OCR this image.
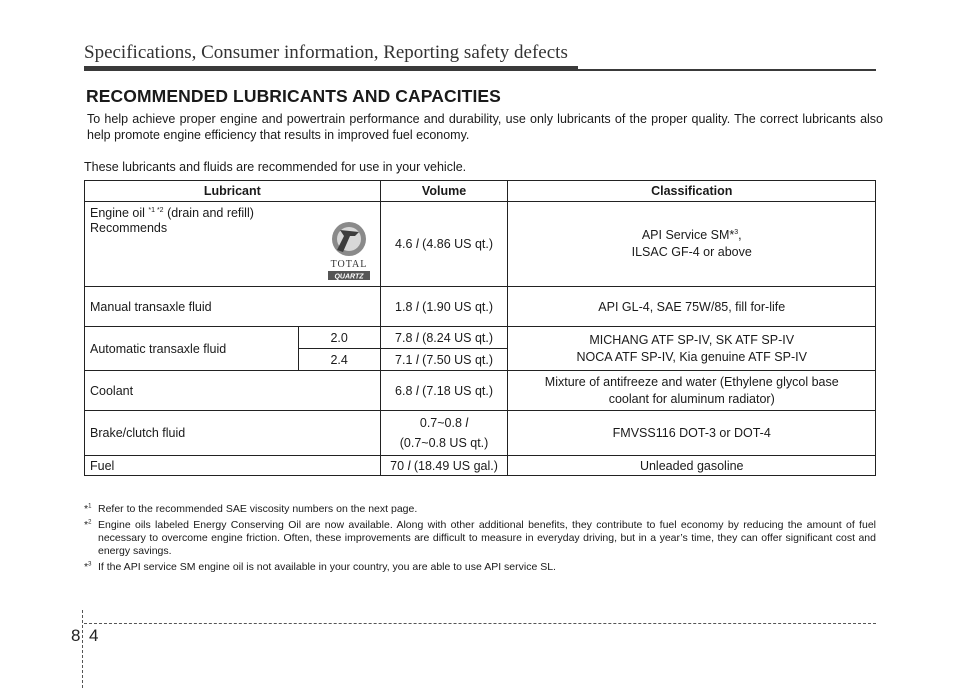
Specifications, Consumer information, Reporting safety defects
RECOMMENDED LUBRICANTS AND CAPACITIES
To help achieve proper engine and powertrain performance and durability, use only lubricants of the proper quality. The correct lubricants also help promote engine efficiency that results in improved fuel economy.
These lubricants and fluids are recommended for use in your vehicle.
Lubricant		Volume	Classification

Engine oil $^{*1 *2}$ (drain and refill)
Recommends
TOTAL
QUARTZ		4.6 l (4.86 US qt.)	API Service SM*$^3$,
ILSAC GF-4 or above
Manual transaxle fluid		1.8 l (1.90 US qt.)	API GL-4, SAE 75W/85, fill for-life
Automatic transaxle fluid	2.0	7.8 l (8.24 US qt.)	MICHANG ATF SP-IV, SK ATF SP-IV
NOCA ATF SP-IV, Kia genuine ATF SP-IV
	2.4	7.1 l (7.50 US qt.)	
Coolant		6.8 l (7.18 US qt.)	Mixture of antifreeze and water (Ethylene glycol base
coolant for aluminum radiator)
Brake/clutch fluid		0.7~0.8 l
(0.7~0.8 US qt.)	FMVSS116 DOT-3 or DOT-4
Fuel		70 l (18.49 US gal.)	Unleaded gasoline
*$^1$ Refer to the recommended SAE viscosity numbers on the next page.
*$^2$ Engine oils labeled Energy Conserving Oil are now available. Along with other additional benefits, they contribute to fuel economy by reducing the amount of fuel necessary to overcome engine friction. Often, these improvements are difficult to measure in everyday driving, but in a year’s time, they can offer significant cost and energy savings.
*$^3$ If the API service SM engine oil is not available in your country, you are able to use API service SL.
8 4
